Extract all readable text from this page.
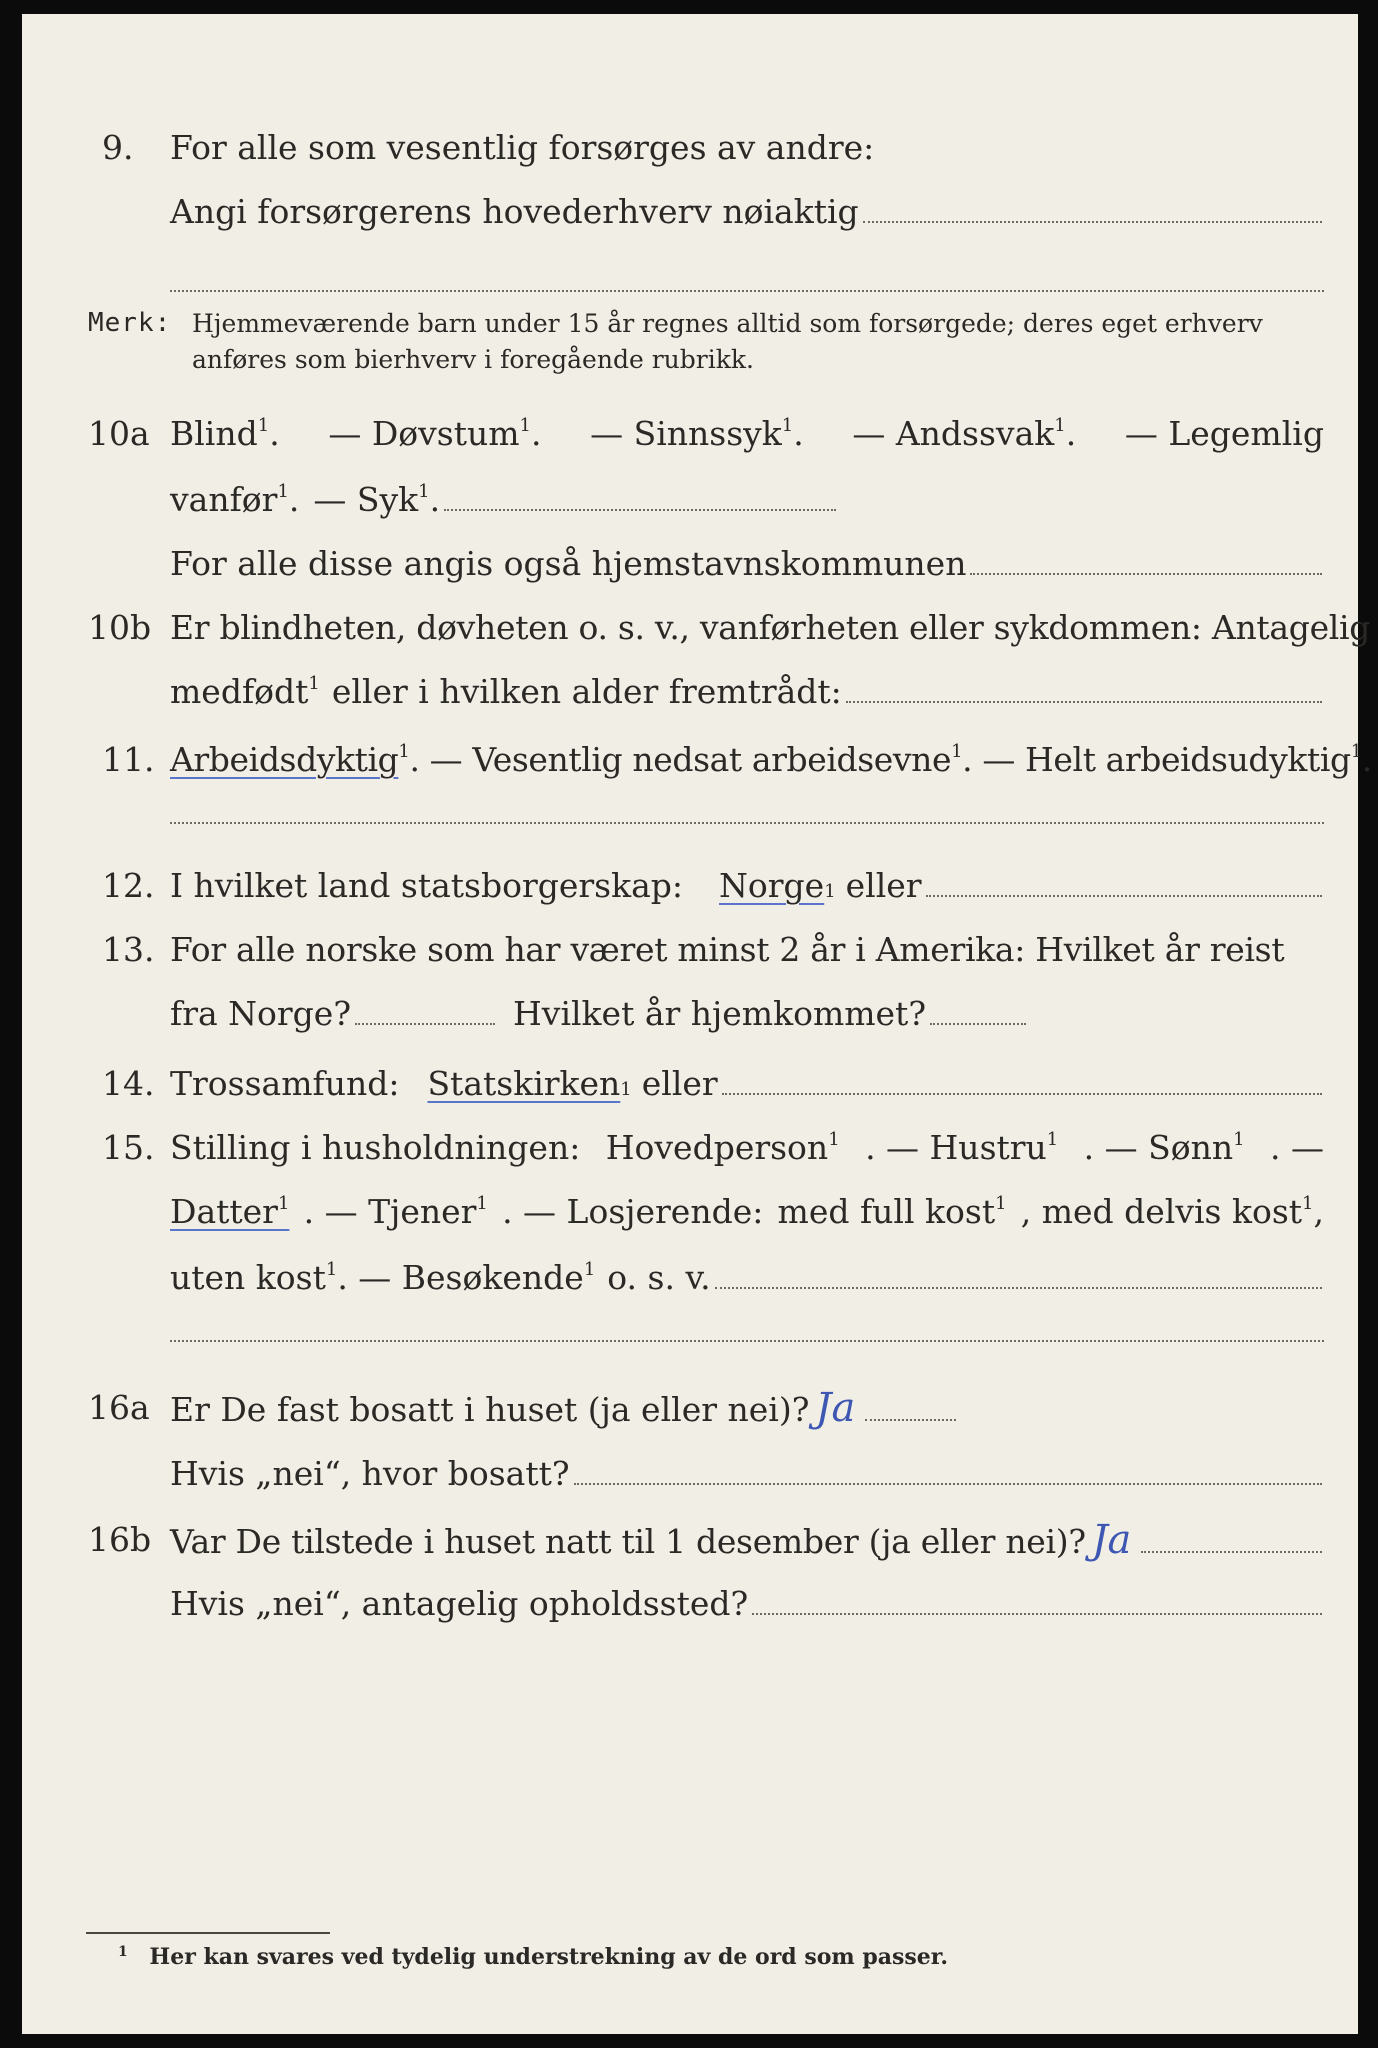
9. For alle som vesentlig forsørges av andre:
Angi forsørgerens hovederhverv nøiaktig
Merk: Hjemmeværende barn under 15 år regnes alltid som forsørgede; deres eget erhverv
anføres som bierhverv i foregående rubrikk.
10a Blind$^1$. — Døvstum$^1$. — Sinnssyk$^1$. — Andssvak$^1$. — Legemlig
vanfør$^1$. — Syk$^1$.
For alle disse angis også hjemstavnskommunen
10b Er blindheten, døvheten o. s. v., vanførheten eller sykdommen: Antagelig
medfødt$^1$ eller i hvilken alder fremtrådt:
11. Arbeidsdyktig$^1$. — Vesentlig nedsat arbeidsevne$^1$. — Helt arbeidsudyktig$^1$.
12. I hvilket land statsborgerskap: Norge 1 eller
13. For alle norske som har været minst 2 år i Amerika: Hvilket år reist
fra Norge?	Hvilket år hjemkommet?
14. Trossamfund: Statskirken 1 eller
15. Stilling i husholdningen: Hovedperson$^1$ . — Hustru$^1$ . — Sønn$^1$ . —
Datter$^1$ . — Tjener$^1$ . — Losjerende: med full kost$^1$ , med delvis kost$^1$,
uten kost$^1$ . — Besøkende$^1$ o. s. v.
16a Er De fast bosatt i huset (ja eller nei)? Ja
Hvis „nei“, hvor bosatt?
16b Var De tilstede i huset natt til 1 desember (ja eller nei)? Ja
Hvis „nei“, antagelig opholdssted?
$^1$ Her kan svares ved tydelig understrekning av de ord som passer.
